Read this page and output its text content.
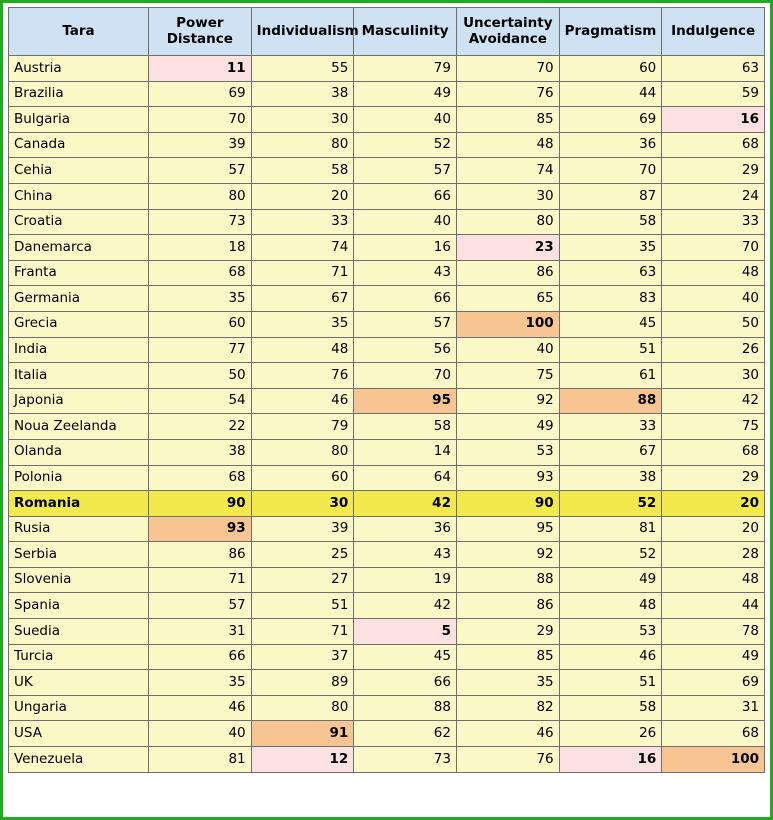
Tara	Power Distance	Individualism	Masculinity	Uncertainty Avoidance	Pragmatism	Indulgence
Austria	11	55	79	70	60	63
Brazilia	69	38	49	76	44	59
Bulgaria	70	30	40	85	69	16
Canada	39	80	52	48	36	68
Cehia	57	58	57	74	70	29
China	80	20	66	30	87	24
Croatia	73	33	40	80	58	33
Danemarca	18	74	16	23	35	70
Franta	68	71	43	86	63	48
Germania	35	67	66	65	83	40
Grecia	60	35	57	100	45	50
India	77	48	56	40	51	26
Italia	50	76	70	75	61	30
Japonia	54	46	95	92	88	42
Noua Zeelanda	22	79	58	49	33	75
Olanda	38	80	14	53	67	68
Polonia	68	60	64	93	38	29
Romania	90	30	42	90	52	20
Rusia	93	39	36	95	81	20
Serbia	86	25	43	92	52	28
Slovenia	71	27	19	88	49	48
Spania	57	51	42	86	48	44
Suedia	31	71	5	29	53	78
Turcia	66	37	45	85	46	49
UK	35	89	66	35	51	69
Ungaria	46	80	88	82	58	31
USA	40	91	62	46	26	68
Venezuela	81	12	73	76	16	100
